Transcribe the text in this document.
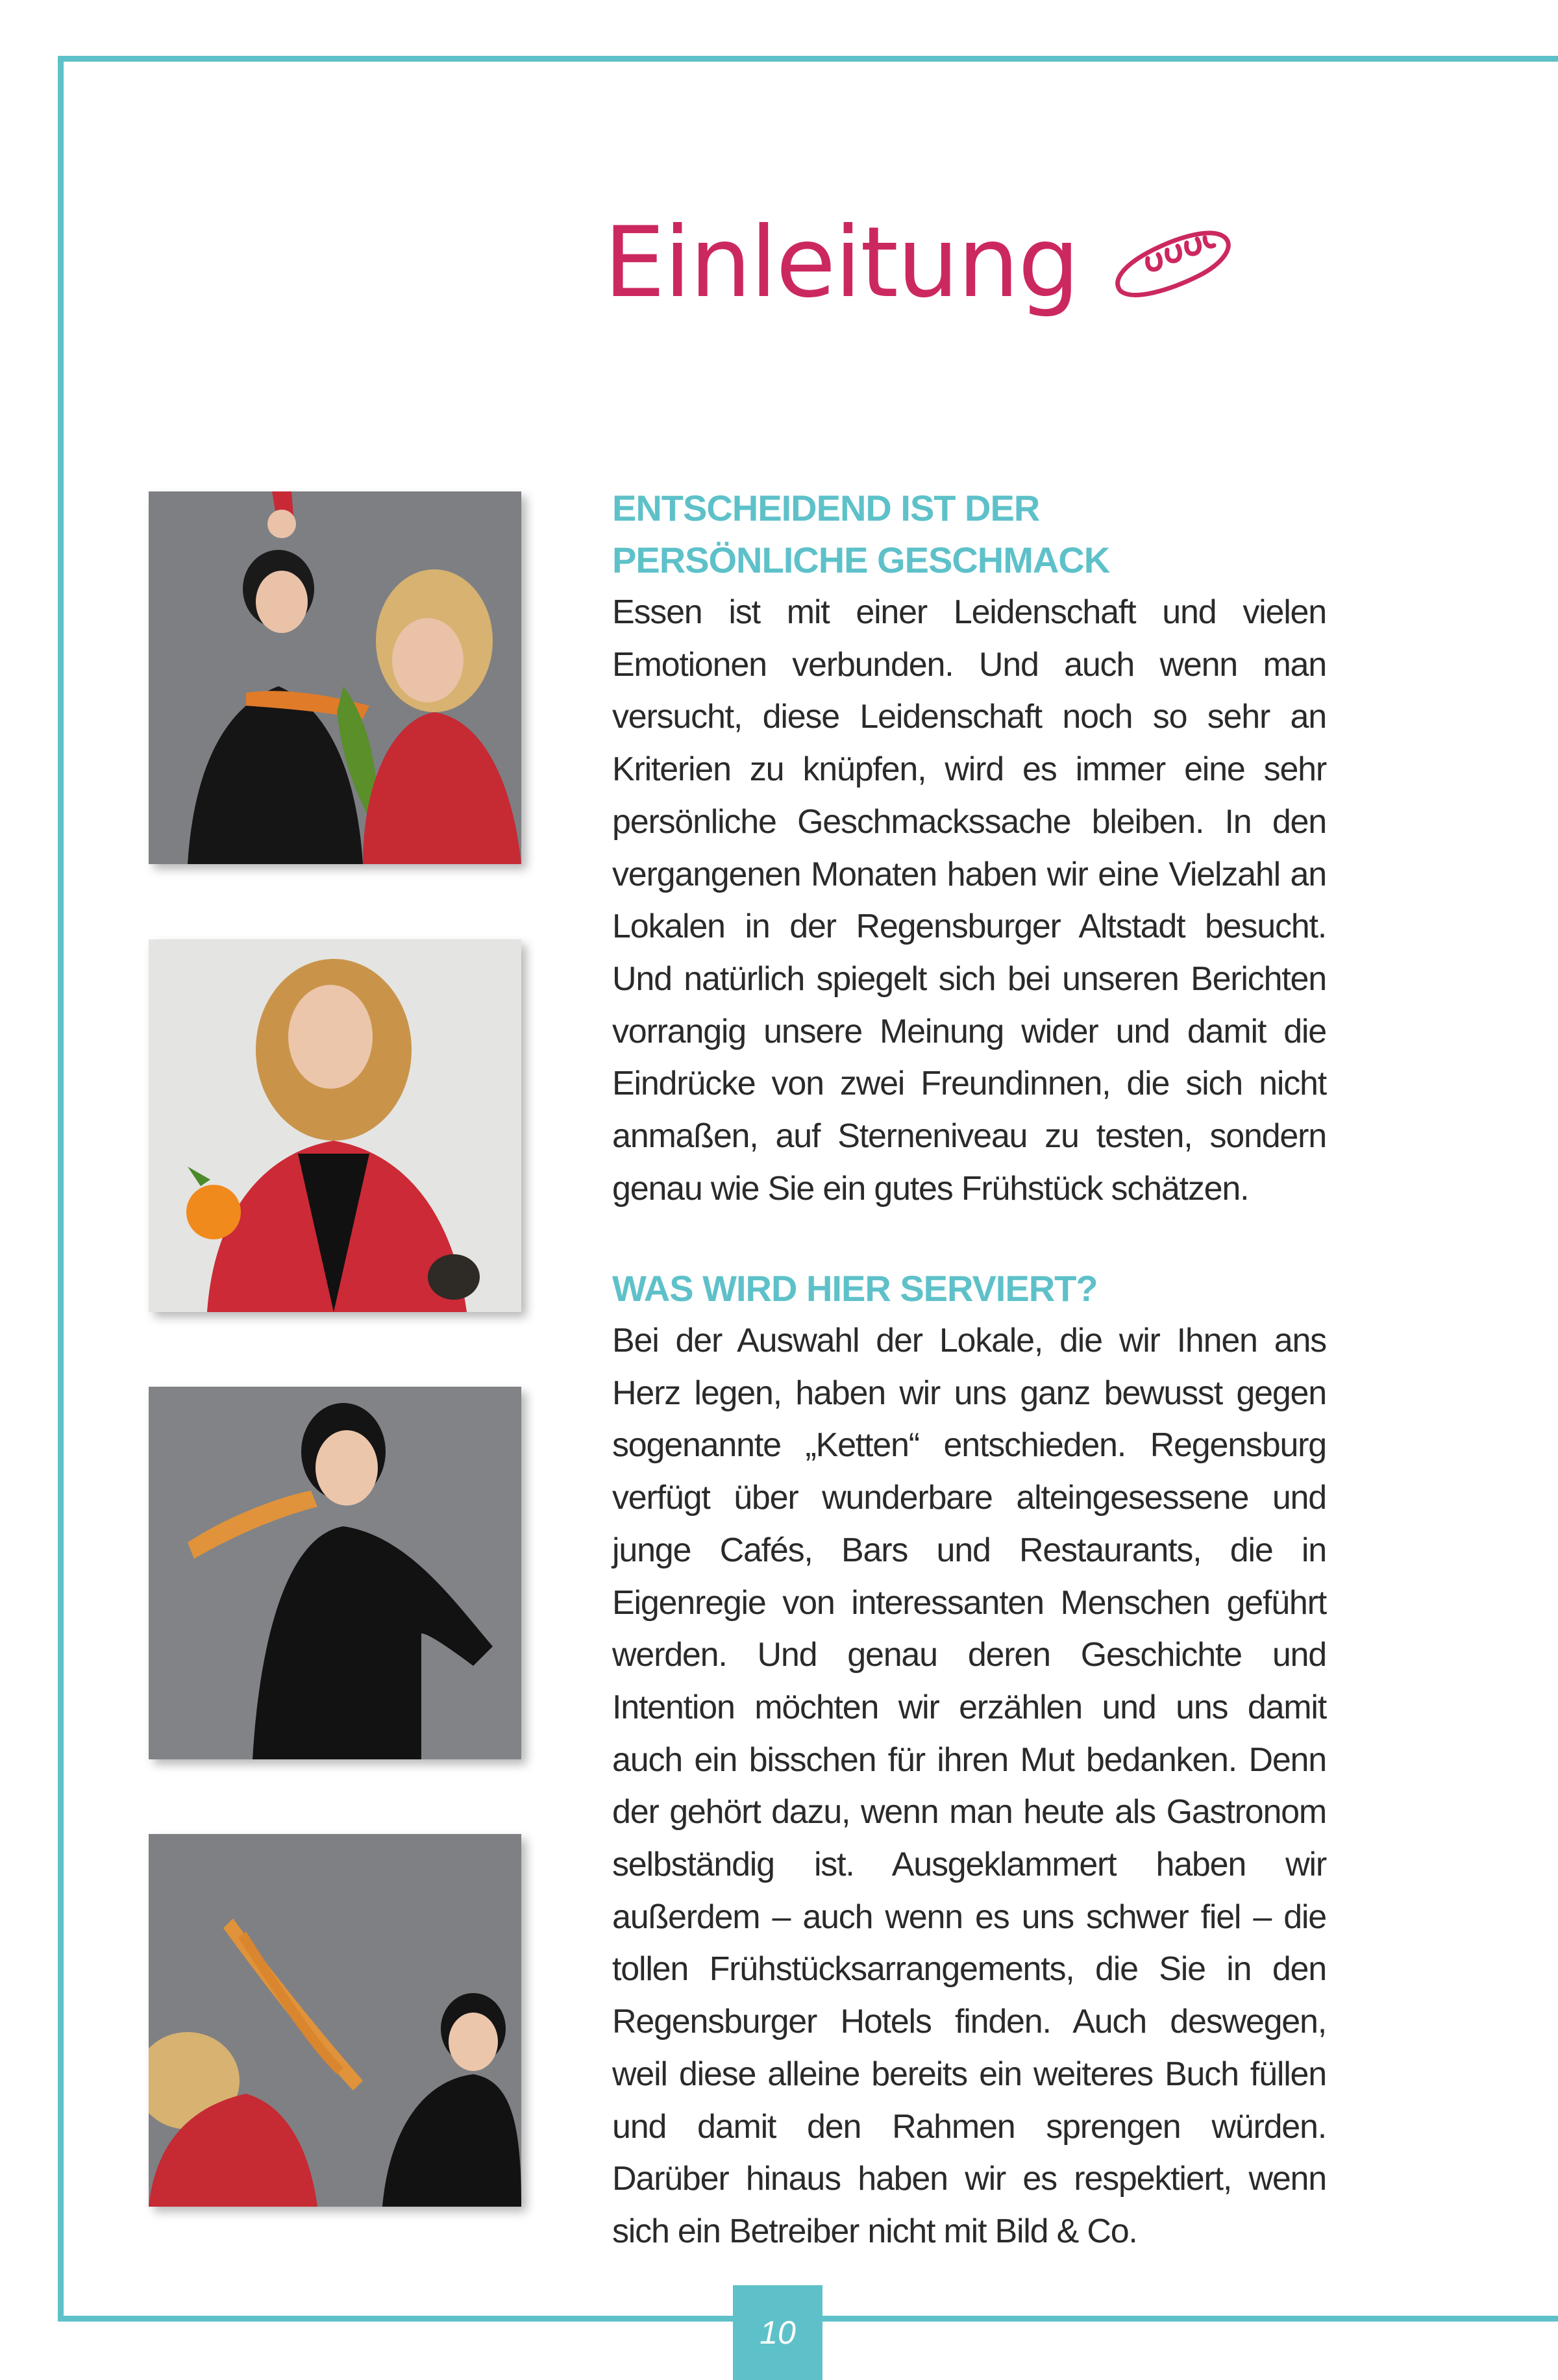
Einleitung
ENTSCHEIDEND IST DER
PERSÖNLICHE GESCHMACK

Essen ist mit einer Leidenschaft und vielen Emotionen verbunden. Und auch wenn man versucht, diese Leidenschaft noch so sehr an Kriterien zu knüpfen, wird es immer eine sehr persönliche Geschmackssache bleiben. In den vergangenen Monaten haben wir eine Vielzahl an Lokalen in der Regensburger Altstadt besucht. Und natürlich spiegelt sich bei unseren Berichten vorrangig unsere Meinung wider und damit die Eindrücke von zwei Freundinnen, die sich nicht anmaßen, auf Sterneniveau zu testen, sondern genau wie Sie ein gutes Frühstück schätzen.

WAS WIRD HIER SERVIERT?

Bei der Auswahl der Lokale, die wir Ihnen ans Herz legen, haben wir uns ganz bewusst gegen sogenannte „Ketten“ entschieden. Regensburg verfügt über wunderbare alteingesessene und junge Cafés, Bars und Restaurants, die in Eigenregie von interessanten Menschen geführt werden. Und genau deren Geschichte und Intention möchten wir erzählen und uns damit auch ein bisschen für ihren Mut bedanken. Denn der gehört dazu, wenn man heute als Gastronom selbständig ist. Ausgeklammert haben wir außerdem – auch wenn es uns schwer fiel – die tollen Frühstücksarrangements, die Sie in den Regensburger Hotels finden. Auch deswegen, weil diese alleine bereits ein weiteres Buch füllen und damit den Rahmen sprengen würden. Darüber hinaus haben wir es respektiert, wenn sich ein Betreiber nicht mit Bild & Co.

10
